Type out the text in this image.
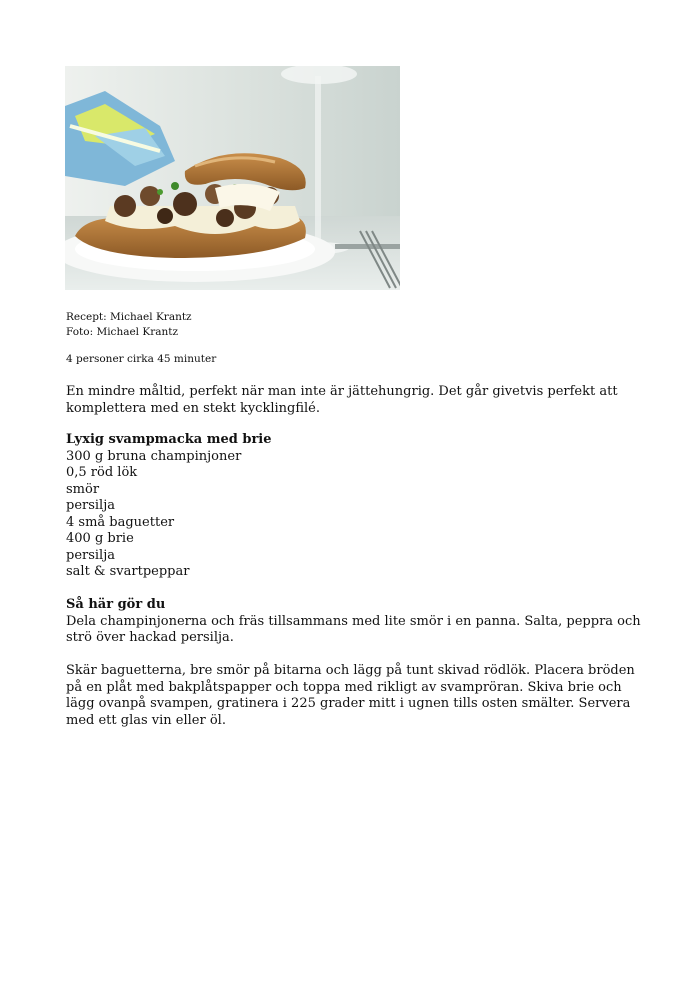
Recept: Michael Krantz
Foto: Michael Krantz
4 personer cirka 45 minuter

En mindre måltid, perfekt när man inte är jättehungrig. Det går givetvis perfekt att komplettera med en stekt kycklingfilé.

Lyxig svampmacka med brie
300 g bruna champinjoner
0,5 röd lök
smör
persilja
4 små baguetter
400 g brie
persilja
salt & svartpeppar
Så här gör du

Dela champinjonerna och fräs tillsammans med lite smör i en panna. Salta, peppra och strö över hackad persilja.

Skär baguetterna, bre smör på bitarna och lägg på tunt skivad rödlök. Placera bröden på en plåt med bakplåtspapper och toppa med rikligt av svampröran. Skiva brie och lägg ovanpå svampen, gratinera i 225 grader mitt i ugnen tills osten smälter. Servera med ett glas vin eller öl.
